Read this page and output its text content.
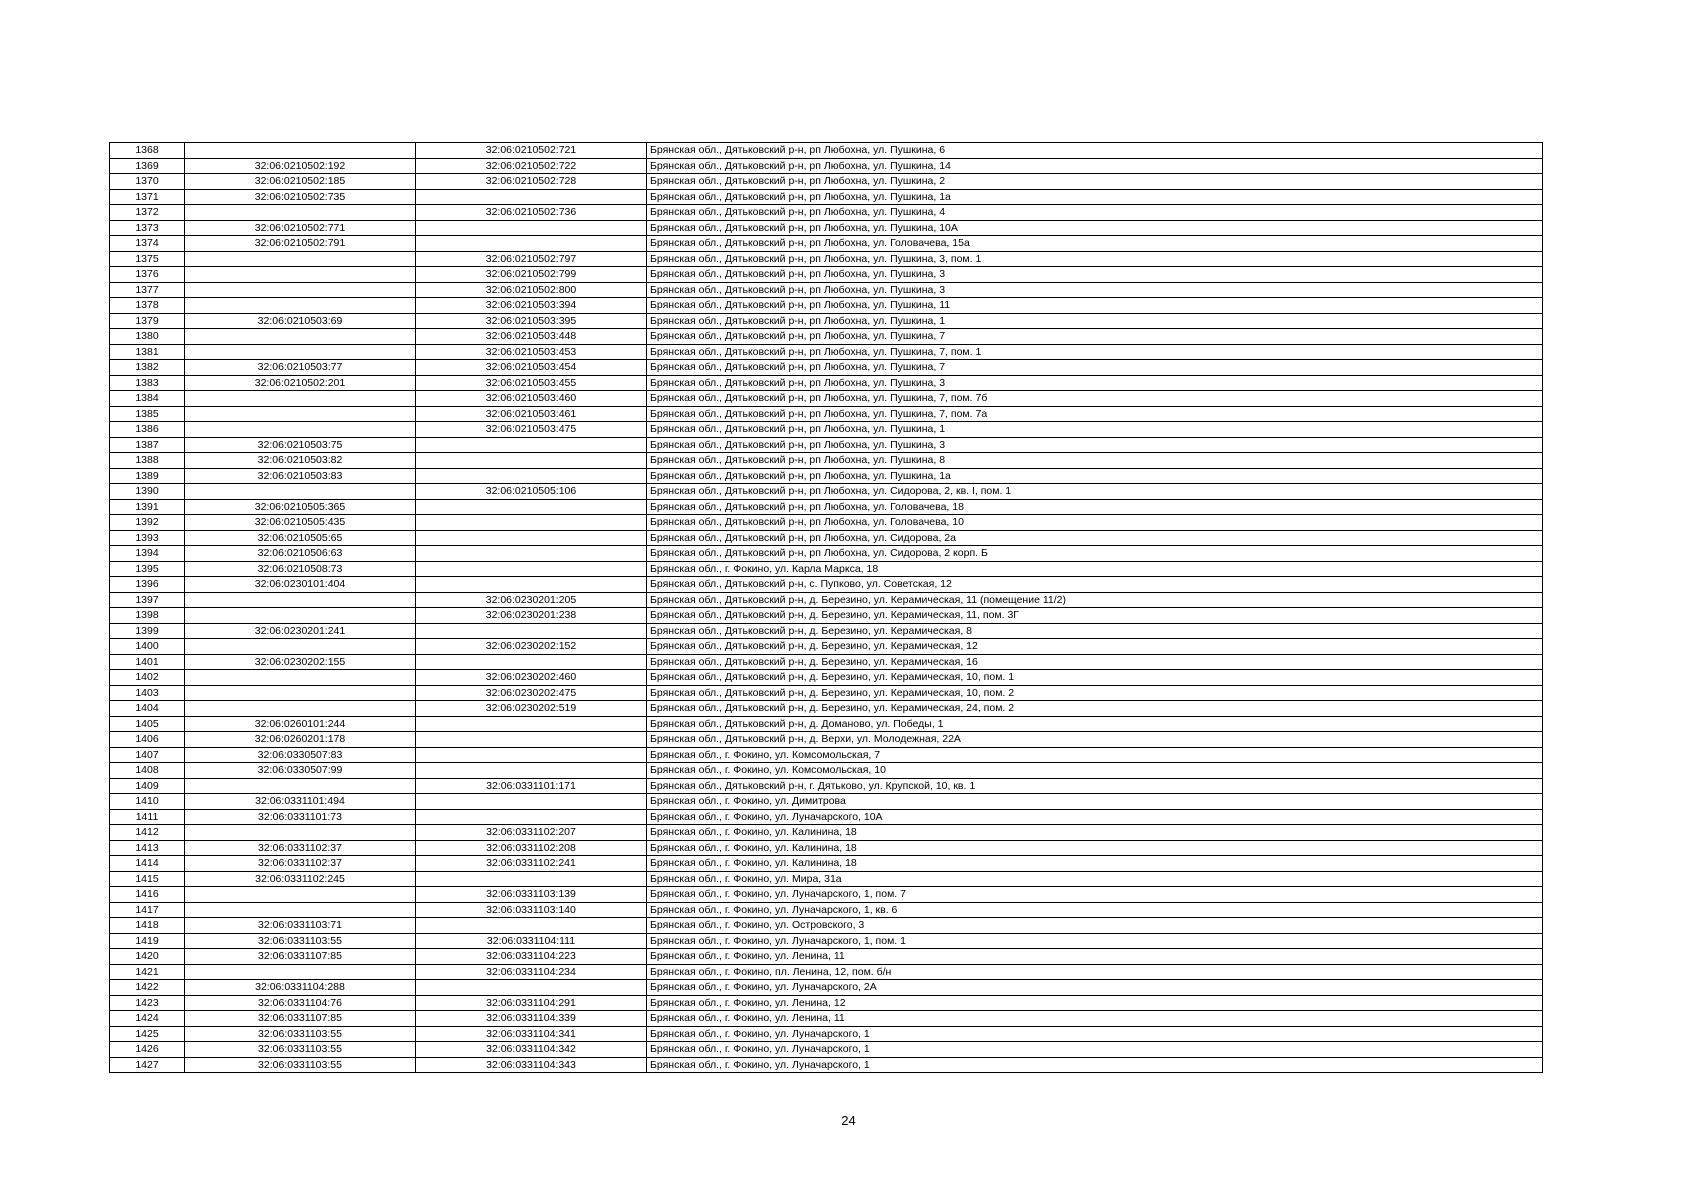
1368		32:06:0210502:721	Брянская обл., Дятьковский р-н, рп Любохна, ул. Пушкина, 6
1369	32:06:0210502:192	32:06:0210502:722	Брянская обл., Дятьковский р-н, рп Любохна, ул. Пушкина, 14
1370	32:06:0210502:185	32:06:0210502:728	Брянская обл., Дятьковский р-н, рп Любохна, ул. Пушкина, 2
1371	32:06:0210502:735		Брянская обл., Дятьковский р-н, рп Любохна, ул. Пушкина, 1а
1372		32:06:0210502:736	Брянская обл., Дятьковский р-н, рп Любохна, ул. Пушкина, 4
1373	32:06:0210502:771		Брянская обл., Дятьковский р-н, рп Любохна, ул. Пушкина, 10А
1374	32:06:0210502:791		Брянская обл., Дятьковский р-н, рп Любохна, ул. Головачева, 15а
1375		32:06:0210502:797	Брянская обл., Дятьковский р-н, рп Любохна, ул. Пушкина, 3, пом. 1
1376		32:06:0210502:799	Брянская обл., Дятьковский р-н, рп Любохна, ул. Пушкина, 3
1377		32:06:0210502:800	Брянская обл., Дятьковский р-н, рп Любохна, ул. Пушкина, 3
1378		32:06:0210503:394	Брянская обл., Дятьковский р-н, рп Любохна, ул. Пушкина, 11
1379	32:06:0210503:69	32:06:0210503:395	Брянская обл., Дятьковский р-н, рп Любохна, ул. Пушкина, 1
1380		32:06:0210503:448	Брянская обл., Дятьковский р-н, рп Любохна, ул. Пушкина, 7
1381		32:06:0210503:453	Брянская обл., Дятьковский р-н, рп Любохна, ул. Пушкина, 7, пом. 1
1382	32:06:0210503:77	32:06:0210503:454	Брянская обл., Дятьковский р-н, рп Любохна, ул. Пушкина, 7
1383	32:06:0210502:201	32:06:0210503:455	Брянская обл., Дятьковский р-н, рп Любохна, ул. Пушкина, 3
1384		32:06:0210503:460	Брянская обл., Дятьковский р-н, рп Любохна, ул. Пушкина, 7, пом. 7б
1385		32:06:0210503:461	Брянская обл., Дятьковский р-н, рп Любохна, ул. Пушкина, 7, пом. 7а
1386		32:06:0210503:475	Брянская обл., Дятьковский р-н, рп Любохна, ул. Пушкина, 1
1387	32:06:0210503:75		Брянская обл., Дятьковский р-н, рп Любохна, ул. Пушкина, 3
1388	32:06:0210503:82		Брянская обл., Дятьковский р-н, рп Любохна, ул. Пушкина, 8
1389	32:06:0210503:83		Брянская обл., Дятьковский р-н, рп Любохна, ул. Пушкина, 1а
1390		32:06:0210505:106	Брянская обл., Дятьковский р-н, рп Любохна, ул. Сидорова, 2, кв. I, пом. 1
1391	32:06:0210505:365		Брянская обл., Дятьковский р-н, рп Любохна, ул. Головачева, 18
1392	32:06:0210505:435		Брянская обл., Дятьковский р-н, рп Любохна, ул. Головачева, 10
1393	32:06:0210505:65		Брянская обл., Дятьковский р-н, рп Любохна, ул. Сидорова, 2а
1394	32:06:0210506:63		Брянская обл., Дятьковский р-н, рп Любохна, ул. Сидорова, 2 корп. Б
1395	32:06:0210508:73		Брянская обл., г. Фокино, ул. Карла Маркса, 18
1396	32:06:0230101:404		Брянская обл., Дятьковский р-н, с. Пупково, ул. Советская, 12
1397		32:06:0230201:205	Брянская обл., Дятьковский р-н, д. Березино, ул. Керамическая, 11 (помещение 11/2)
1398		32:06:0230201:238	Брянская обл., Дятьковский р-н, д. Березино, ул. Керамическая, 11, пом. 3Г
1399	32:06:0230201:241		Брянская обл., Дятьковский р-н, д. Березино, ул. Керамическая, 8
1400		32:06:0230202:152	Брянская обл., Дятьковский р-н, д. Березино, ул. Керамическая, 12
1401	32:06:0230202:155		Брянская обл., Дятьковский р-н, д. Березино, ул. Керамическая, 16
1402		32:06:0230202:460	Брянская обл., Дятьковский р-н, д. Березино, ул. Керамическая, 10, пом. 1
1403		32:06:0230202:475	Брянская обл., Дятьковский р-н, д. Березино, ул. Керамическая, 10, пом. 2
1404		32:06:0230202:519	Брянская обл., Дятьковский р-н, д. Березино, ул. Керамическая, 24, пом. 2
1405	32:06:0260101:244		Брянская обл., Дятьковский р-н, д. Доманово, ул. Победы, 1
1406	32:06:0260201:178		Брянская обл., Дятьковский р-н, д. Верхи, ул. Молодежная, 22А
1407	32:06:0330507:83		Брянская обл., г. Фокино, ул. Комсомольская, 7
1408	32:06:0330507:99		Брянская обл., г. Фокино, ул. Комсомольская, 10
1409		32:06:0331101:171	Брянская обл., Дятьковский р-н, г. Дятьково, ул. Крупской, 10, кв. 1
1410	32:06:0331101:494		Брянская обл., г. Фокино, ул. Димитрова
1411	32:06:0331101:73		Брянская обл., г. Фокино, ул. Луначарского, 10А
1412		32:06:0331102:207	Брянская обл., г. Фокино, ул. Калинина, 18
1413	32:06:0331102:37	32:06:0331102:208	Брянская обл., г. Фокино, ул. Калинина, 18
1414	32:06:0331102:37	32:06:0331102:241	Брянская обл., г. Фокино, ул. Калинина, 18
1415	32:06:0331102:245		Брянская обл., г. Фокино, ул. Мира, 31а
1416		32:06:0331103:139	Брянская обл., г. Фокино, ул. Луначарского, 1, пом. 7
1417		32:06:0331103:140	Брянская обл., г. Фокино, ул. Луначарского, 1, кв. 6
1418	32:06:0331103:71		Брянская обл., г. Фокино, ул. Островского, 3
1419	32:06:0331103:55	32:06:0331104:111	Брянская обл., г. Фокино, ул. Луначарского, 1, пом. 1
1420	32:06:0331107:85	32:06:0331104:223	Брянская обл., г. Фокино, ул. Ленина, 11
1421		32:06:0331104:234	Брянская обл., г. Фокино, пл. Ленина, 12, пом. б/н
1422	32:06:0331104:288		Брянская обл., г. Фокино, ул. Луначарского, 2А
1423	32:06:0331104:76	32:06:0331104:291	Брянская обл., г. Фокино, ул. Ленина, 12
1424	32:06:0331107:85	32:06:0331104:339	Брянская обл., г. Фокино, ул. Ленина, 11
1425	32:06:0331103:55	32:06:0331104:341	Брянская обл., г. Фокино, ул. Луначарского, 1
1426	32:06:0331103:55	32:06:0331104:342	Брянская обл., г. Фокино, ул. Луначарского, 1
1427	32:06:0331103:55	32:06:0331104:343	Брянская обл., г. Фокино, ул. Луначарского, 1
24
